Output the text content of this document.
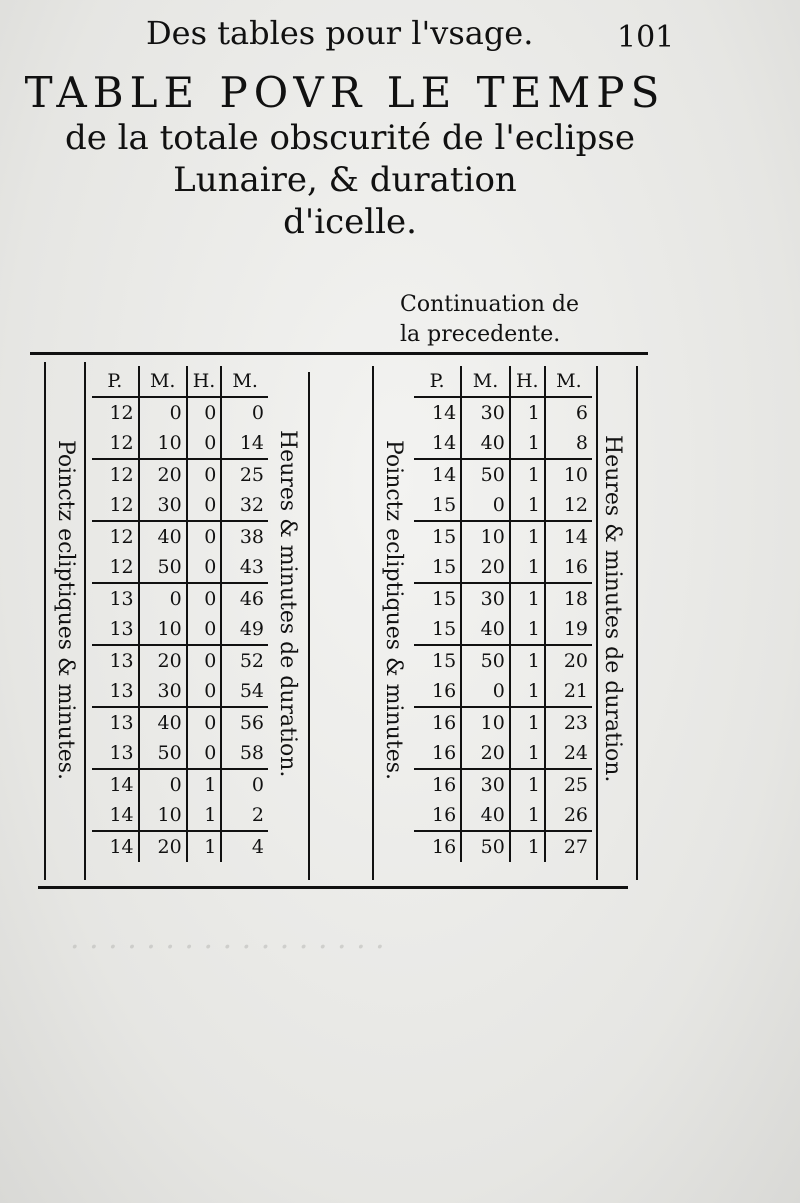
· · · · · · · · · · · · · · · · ·
Des tables pour l'vsage.	101
TABLE POVR LE TEMPS
de la totale obscurité de l'eclipse
Lunaire, & duration
d'icelle.
Continuation de
la precedente.
Poinctz ecliptiques & minutes.	Heures & minutes de duration.	Poinctz ecliptiques & minutes.	Heures & minutes de duration.
P.	M.	H.	M.
12	0	0	0
12	10	0	14
12	20	0	25
12	30	0	32
12	40	0	38
12	50	0	43
13	0	0	46
13	10	0	49
13	20	0	52
13	30	0	54
13	40	0	56
13	50	0	58
14	0	1	0
14	10	1	2
14	20	1	4
P.	M.	H.	M.
14	30	1	6
14	40	1	8
14	50	1	10
15	0	1	12
15	10	1	14
15	20	1	16
15	30	1	18
15	40	1	19
15	50	1	20
16	0	1	21
16	10	1	23
16	20	1	24
16	30	1	25
16	40	1	26
16	50	1	27
